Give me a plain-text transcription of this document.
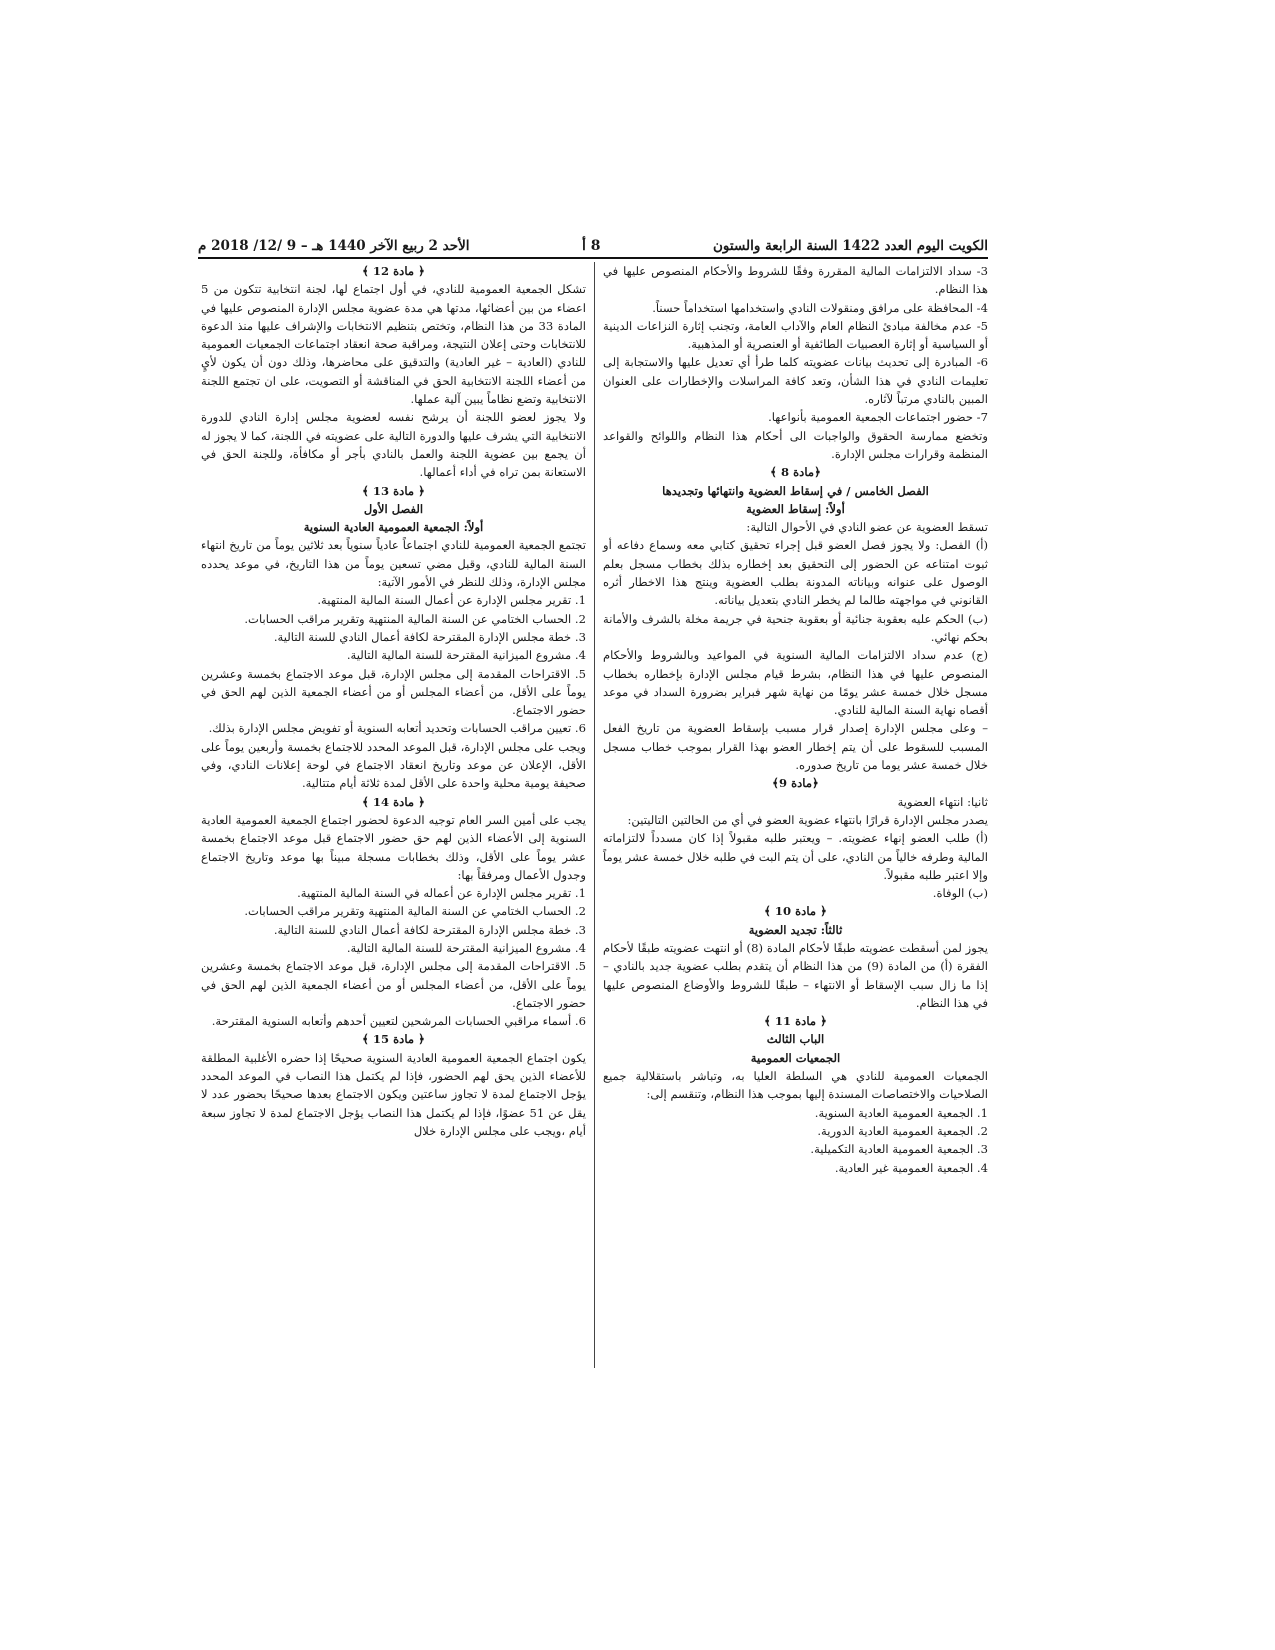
الكويت اليوم العدد 1422 السنة الرابعة والستون
8 أ
الأحد 2 ربيع الآخر 1440 هـ – 9 /12/ 2018 م

3- سداد الالتزامات المالية المقررة وفقًا للشروط والأحكام المنصوص عليها في هذا النظام.

4- المحافظة على مرافق ومنقولات النادي واستخدامها استخداماً حسناً.

5- عدم مخالفة مبادئ النظام العام والآداب العامة، وتجنب إثارة النزاعات الدينية أو السياسية أو إثارة العصبيات الطائفية أو العنصرية أو المذهبية.

6- المبادرة إلى تحديث بيانات عضويته كلما طرأ أي تعديل عليها والاستجابة إلى تعليمات النادي في هذا الشأن، وتعد كافة المراسلات والإخطارات على العنوان المبين بالنادي مرتباً لآثاره.

7- حضور اجتماعات الجمعية العمومية بأنواعها.

وتخضع ممارسة الحقوق والواجبات الى أحكام هذا النظام واللوائح والقواعد المنظمة وقرارات مجلس الإدارة.

﴿مادة 8 ﴾

الفصل الخامس / في إسقاط العضوية وانتهائها وتجديدها

أولاً: إسقاط العضوية

تسقط العضوية عن عضو النادي في الأحوال التالية:

(أ) الفصل: ولا يجوز فصل العضو قبل إجراء تحقيق كتابي معه وسماع دفاعه أو ثبوت امتناعه عن الحضور إلى التحقيق بعد إخطاره بذلك بخطاب مسجل بعلم الوصول على عنوانه وبياناته المدونة بطلب العضوية وينتج هذا الاخطار أثره القانوني في مواجهته طالما لم يخطر النادي بتعديل بياناته.

(ب) الحكم عليه بعقوبة جنائية أو بعقوبة جنحية في جريمة مخلة بالشرف والأمانة بحكم نهائي.

(ج) عدم سداد الالتزامات المالية السنوية في المواعيد وبالشروط والأحكام المنصوص عليها في هذا النظام، بشرط قيام مجلس الإدارة بإخطاره بخطاب مسجل خلال خمسة عشر يومًا من نهاية شهر فبراير بضرورة السداد في موعد أقصاه نهاية السنة المالية للنادي.

– وعلى مجلس الإدارة إصدار قرار مسبب بإسقاط العضوية من تاريخ الفعل المسبب للسقوط على أن يتم إخطار العضو بهذا القرار بموجب خطاب مسجل خلال خمسة عشر يوما من تاريخ صدوره.

﴿مادة 9﴾

ثانيا: انتهاء العضوية

يصدر مجلس الإدارة قرارًا بانتهاء عضوية العضو في أي من الحالتين التاليتين:

(أ) طلب العضو إنهاء عضويته. – ويعتبر طلبه مقبولاً إذا كان مسدداً لالتزاماته المالية وطرفه خالياً من النادي، على أن يتم البت في طلبه خلال خمسة عشر يوماً وإلا اعتبر طلبه مقبولاً.

(ب) الوفاة.

﴿ مادة 10 ﴾

ثالثاً: تجديد العضوية

يجوز لمن أسقطت عضويته طبقًا لأحكام المادة (8) أو انتهت عضويته طبقًا لأحكام الفقرة (أ) من المادة (9) من هذا النظام أن يتقدم بطلب عضوية جديد بالنادي – إذا ما زال سبب الإسقاط أو الانتهاء – طبقًا للشروط والأوضاع المنصوص عليها في هذا النظام.

﴿ مادة 11 ﴾

الباب الثالث

الجمعيات العمومية

الجمعيات العمومية للنادي هي السلطة العليا به، وتباشر باستقلالية جميع الصلاحيات والاختصاصات المسندة إليها بموجب هذا النظام، وتنقسم إلى:

1. الجمعية العمومية العادية السنوية.

2. الجمعية العمومية العادية الدورية.

3. الجمعية العمومية العادية التكميلية.

4. الجمعية العمومية غير العادية.

﴿ مادة 12 ﴾

تشكل الجمعية العمومية للنادي، في أول اجتماع لها، لجنة انتخابية تتكون من 5 اعضاء من بين أعضائها، مدتها هي مدة عضوية مجلس الإدارة المنصوص عليها في المادة 33 من هذا النظام، وتختص بتنظيم الانتخابات والإشراف عليها منذ الدعوة للانتخابات وحتى إعلان النتيجة، ومراقبة صحة انعقاد اجتماعات الجمعيات العمومية للنادي (العادية – غير العادية) والتدقيق على محاضرها، وذلك دون أن يكون لأيٍ من أعضاء اللجنة الانتخابية الحق في المناقشة أو التصويت، على ان تجتمع اللجنة الانتخابية وتضع نظاماً يبين آلية عملها.

ولا يجوز لعضو اللجنة أن يرشح نفسه لعضوية مجلس إدارة النادي للدورة الانتخابية التي يشرف عليها والدورة التالية على عضويته في اللجنة، كما لا يجوز له أن يجمع بين عضوية اللجنة والعمل بالنادي بأجر أو مكافأة، وللجنة الحق في الاستعانة بمن تراه في أداء أعمالها.

﴿ مادة 13 ﴾

الفصل الأول

أولاً: الجمعية العمومية العادية السنوية

تجتمع الجمعية العمومية للنادي اجتماعاً عادياً سنوياً بعد ثلاثين يوماً من تاريخ انتهاء السنة المالية للنادي، وقبل مضي تسعين يوماً من هذا التاريخ، في موعد يحدده مجلس الإدارة، وذلك للنظر في الأمور الآتية:

1. تقرير مجلس الإدارة عن أعمال السنة المالية المنتهية.

2. الحساب الختامي عن السنة المالية المنتهية وتقرير مراقب الحسابات.

3. خطة مجلس الإدارة المقترحة لكافة أعمال النادي للسنة التالية.

4. مشروع الميزانية المقترحة للسنة المالية التالية.

5. الاقتراحات المقدمة إلى مجلس الإدارة، قبل موعد الاجتماع بخمسة وعشرين يوماً على الأقل، من أعضاء المجلس أو من أعضاء الجمعية الذين لهم الحق في حضور الاجتماع.

6. تعيين مراقب الحسابات وتحديد أتعابه السنوية أو تفويض مجلس الإدارة بذلك.

ويجب على مجلس الإدارة، قبل الموعد المحدد للاجتماع بخمسة وأربعين يوماً على الأقل، الإعلان عن موعد وتاريخ انعقاد الاجتماع في لوحة إعلانات النادي، وفي صحيفة يومية محلية واحدة على الأقل لمدة ثلاثة أيام متتالية.

﴿ مادة 14 ﴾

يجب على أمين السر العام توجيه الدعوة لحضور اجتماع الجمعية العمومية العادية السنوية إلى الأعضاء الذين لهم حق حضور الاجتماع قبل موعد الاجتماع بخمسة عشر يوماً على الأقل، وذلك بخطابات مسجلة مبيناً بها موعد وتاريخ الاجتماع وجدول الأعمال ومرفقاً بها:

1. تقرير مجلس الإدارة عن أعماله في السنة المالية المنتهية.

2. الحساب الختامي عن السنة المالية المنتهية وتقرير مراقب الحسابات.

3. خطة مجلس الإدارة المقترحة لكافة أعمال النادي للسنة التالية.

4. مشروع الميزانية المقترحة للسنة المالية التالية.

5. الاقتراحات المقدمة إلى مجلس الإدارة، قبل موعد الاجتماع بخمسة وعشرين يوماً على الأقل، من أعضاء المجلس أو من أعضاء الجمعية الذين لهم الحق في حضور الاجتماع.

6. أسماء مراقبي الحسابات المرشحين لتعيين أحدهم وأتعابه السنوية المقترحة.

﴿ مادة 15 ﴾

يكون اجتماع الجمعية العمومية العادية السنوية صحيحًا إذا حضره الأغلبية المطلقة للأعضاء الذين يحق لهم الحضور، فإذا لم يكتمل هذا النصاب في الموعد المحدد يؤجل الاجتماع لمدة لا تجاوز ساعتين ويكون الاجتماع بعدها صحيحًا بحضور عدد لا يقل عن 51 عضوًا، فإذا لم يكتمل هذا النصاب يؤجل الاجتماع لمدة لا تجاوز سبعة أيام ،ويجب على مجلس الإدارة خلال
